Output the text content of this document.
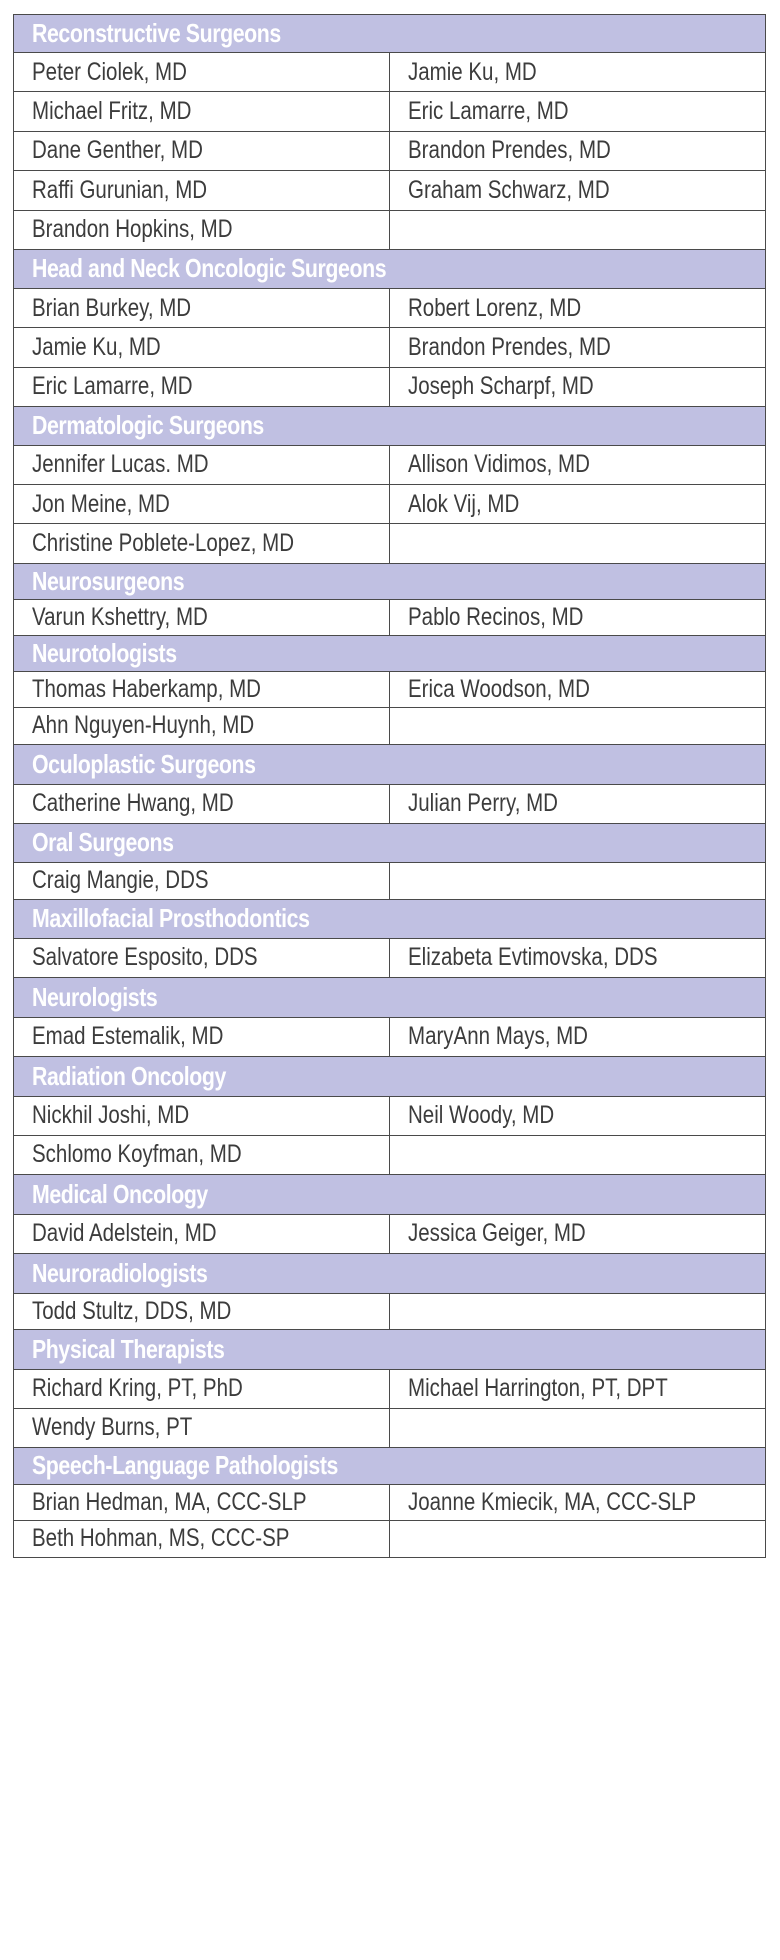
Reconstructive Surgeons	
Peter Ciolek, MD	Jamie Ku, MD
Michael Fritz, MD	Eric Lamarre, MD
Dane Genther, MD	Brandon Prendes, MD
Raffi Gurunian, MD	Graham Schwarz, MD
Brandon Hopkins, MD	
Head and Neck Oncologic Surgeons	
Brian Burkey, MD	Robert Lorenz, MD
Jamie Ku, MD	Brandon Prendes, MD
Eric Lamarre, MD	Joseph Scharpf, MD
Dermatologic Surgeons	
Jennifer Lucas. MD	Allison Vidimos, MD
Jon Meine, MD	Alok Vij, MD
Christine Poblete-Lopez, MD	
Neurosurgeons	
Varun Kshettry, MD	Pablo Recinos, MD
Neurotologists	
Thomas Haberkamp, MD	Erica Woodson, MD
Ahn Nguyen-Huynh, MD	
Oculoplastic Surgeons	
Catherine Hwang, MD	Julian Perry, MD
Oral Surgeons	
Craig Mangie, DDS	
Maxillofacial Prosthodontics	
Salvatore Esposito, DDS	Elizabeta Evtimovska, DDS
Neurologists	
Emad Estemalik, MD	MaryAnn Mays, MD
Radiation Oncology	
Nickhil Joshi, MD	Neil Woody, MD
Schlomo Koyfman, MD	
Medical Oncology	
David Adelstein, MD	Jessica Geiger, MD
Neuroradiologists	
Todd Stultz, DDS, MD	
Physical Therapists	
Richard Kring, PT, PhD	Michael Harrington, PT, DPT
Wendy Burns, PT	
Speech-Language Pathologists	
Brian Hedman, MA, CCC-SLP	Joanne Kmiecik, MA, CCC-SLP
Beth Hohman, MS, CCC-SP	
